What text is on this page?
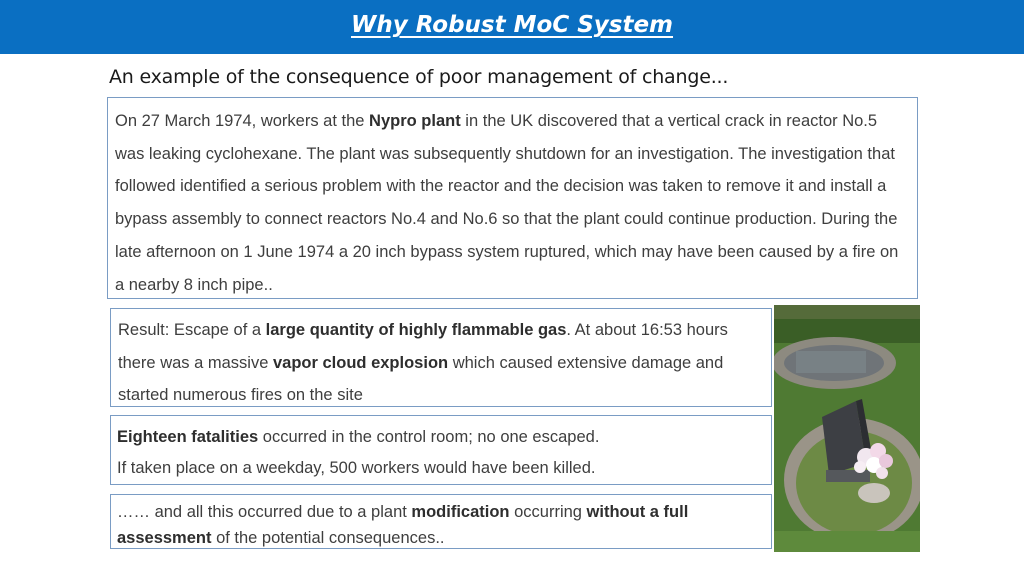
Why Robust MoC System
An example of the consequence of poor management of change...

On 27 March 1974, workers at the Nypro plant in the UK discovered that a vertical crack in reactor No.5 was leaking cyclohexane. The plant was subsequently shutdown for an investigation. The investigation that followed identified a serious problem with the reactor and the decision was taken to remove it and install a bypass assembly to connect reactors No.4 and No.6 so that the plant could continue production. During the late afternoon on 1 June 1974 a 20 inch bypass system ruptured, which may have been caused by a fire on a nearby 8 inch pipe..

Result: Escape of a large quantity of highly flammable gas. At about 16:53 hours there was a massive vapor cloud explosion which caused extensive damage and started numerous fires on the site

Eighteen fatalities occurred in the control room; no one escaped.

If taken place on a weekday, 500 workers would have been killed.

…… and all this occurred due to a plant modification occurring without a full assessment of the potential consequences..
